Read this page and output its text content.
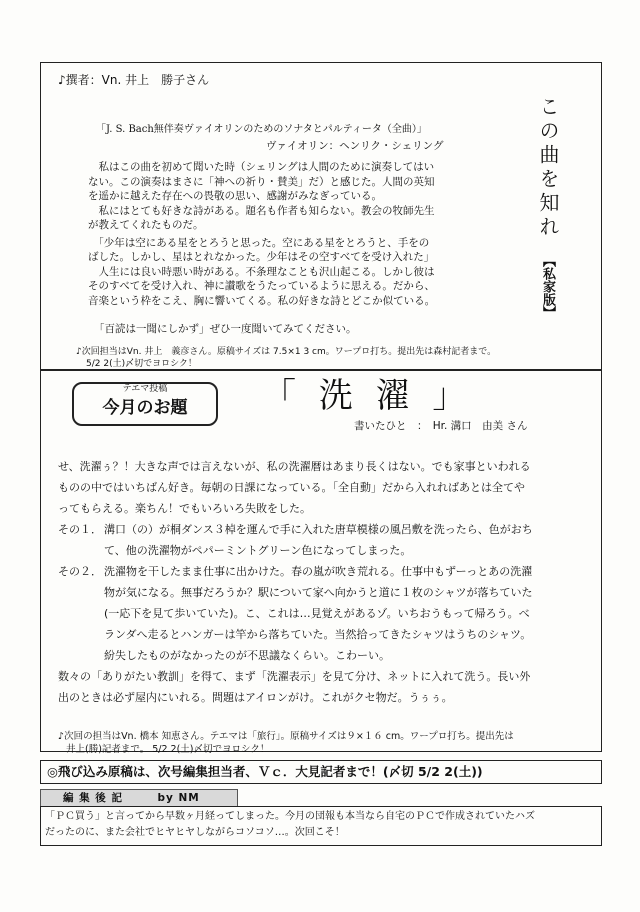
♪撰者：Vn. 井上　勝子さん

「J. S. Bach無伴奏ヴァイオリンのためのソナタとパルティータ（全曲）」

ヴァイオリン：ヘンリク・シェリング

　私はこの曲を初めて聞いた時（シェリングは人間のために演奏してはい

ない。この演奏はまさに「神への祈り・賛美」だ）と感じた。人間の英知

を遥かに越えた存在への畏敬の思い、感謝がみなぎっている。

　私にはとても好きな詩がある。題名も作者も知らない。教会の牧師先生

が教えてくれたものだ。

　「少年は空にある星をとろうと思った。空にある星をとろうと、手をの

ばした。しかし、星はとれなかった。少年はその空すべてを受け入れた」

　人生には良い時悪い時がある。不条理なことも沢山起こる。しかし彼は

そのすべてを受け入れ、神に讃歌をうたっているように思える。だから、

音楽という枠をこえ、胸に響いてくる。私の好きな詩とどこか似ている。

「百読は一聞にしかず」ぜひ一度聞いてみてください。

この曲を知れ
【私家版】

♪次回担当はVn. 井上　義彦さん。原稿サイズは 7.5×1 3 cm。ワープロ打ち。提出先は森村記者まで。

5/2 2(土)〆切でヨロシク！

テエマ投稿
今月のお題	「 洗 濯 」

書いたひと　：　Hr. 溝口　由美 さん

せ、洗濯ぅ？！大きな声では言えないが、私の洗濯暦はあまり長くはない。でも家事といわれる

ものの中ではいちばん好き。毎朝の日課になっている。「全自動」だから入れればあとは全てや

ってもらえる。楽ちん！でもいろいろ失敗をした。

その１． 溝口（の）が桐ダンス３棹を運んで手に入れた唐草模様の風呂敷を洗ったら、色がおち

て、他の洗濯物がペパーミントグリーン色になってしまった。

その２． 洗濯物を干したまま仕事に出かけた。春の嵐が吹き荒れる。仕事中もずーっとあの洗濯

物が気になる。無事だろうか？駅について家へ向かうと道に１枚のシャツが落ちていた

(一応下を見て歩いていた)。こ、これは…見覚えがあるゾ。いちおうもって帰ろう。べ

ランダへ走るとハンガーは竿から落ちていた。当然拾ってきたシャツはうちのシャツ。

紛失したものがなかったのが不思議なくらい。こわーい。

数々の「ありがたい教訓」を得て、まず「洗濯表示」を見て分け、ネットに入れて洗う。長い外

出のときは必ず屋内にいれる。問題はアイロンがけ。これがクセ物だ。うぅぅ。

♪次回の担当はVn. 橋本 知恵さん。テエマは「旅行」。原稿サイズは９×１６ cm。ワープロ打ち。提出先は

井上(勝)記者まで。 5/2 2(土)〆切でヨロシク！

◎飛び込み原稿は、次号編集担当者、Ｖｃ．大見記者まで！(〆切 5/2 2(土))

編 集 後 記　　　by NM

「ＰＣ買う」と言ってから早数ヶ月経ってしまった。今月の団報も本当なら自宅のＰＣで作成されていたハズ

だったのに、また会社でヒヤヒヤしながらコソコソ…。次回こそ！
